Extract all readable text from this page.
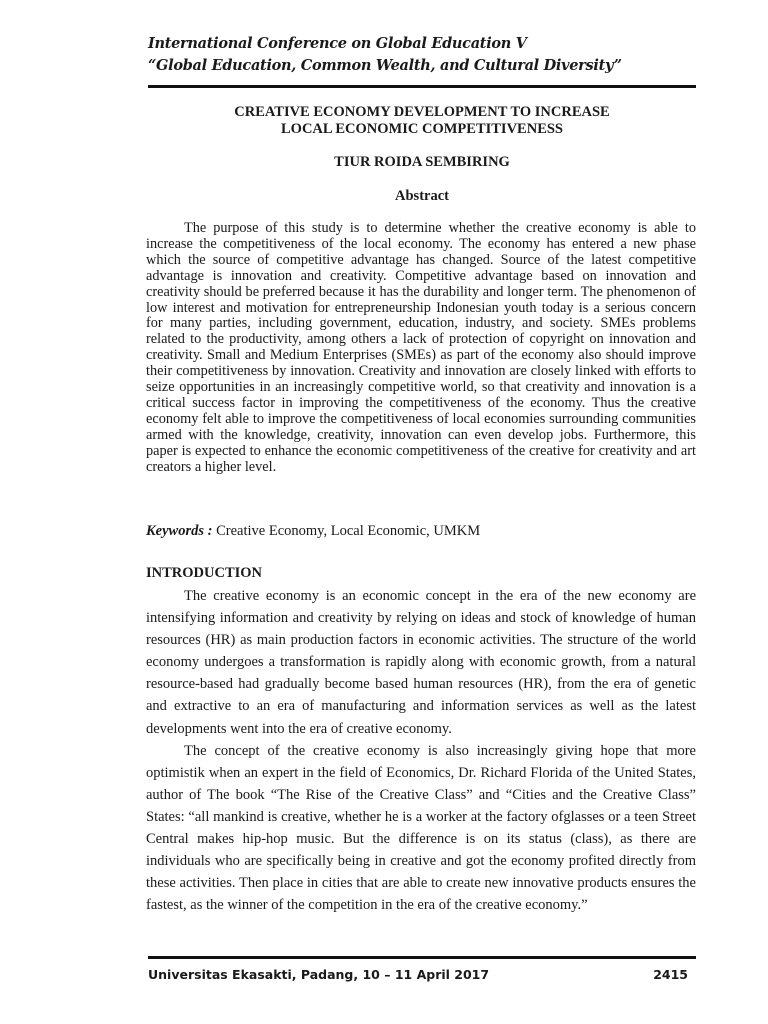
International Conference on Global Education V
“Global Education, Common Wealth, and Cultural Diversity”
CREATIVE ECONOMY DEVELOPMENT TO INCREASE
LOCAL ECONOMIC COMPETITIVENESS
TIUR ROIDA SEMBIRING
Abstract

The purpose of this study is to determine whether the creative economy is able to increase the competitiveness of the local economy. The economy has entered a new phase which the source of competitive advantage has changed. Source of the latest competitive advantage is innovation and creativity. Competitive advantage based on innovation and creativity should be preferred because it has the durability and longer term. The phenomenon of low interest and motivation for entrepreneurship Indonesian youth today is a serious concern for many parties, including government, education, industry, and society. SMEs problems related to the productivity, among others a lack of protection of copyright on innovation and creativity. Small and Medium Enterprises (SMEs) as part of the economy also should improve their competitiveness by innovation. Creativity and innovation are closely linked with efforts to seize opportunities in an increasingly competitive world, so that creativity and innovation is a critical success factor in improving the competitiveness of the economy. Thus the creative economy felt able to improve the competitiveness of local economies surrounding communities armed with the knowledge, creativity, innovation can even develop jobs. Furthermore, this paper is expected to enhance the economic competitiveness of the creative for creativity and art creators a higher level.

Keywords : Creative Economy, Local Economic, UMKM

INTRODUCTION

The creative economy is an economic concept in the era of the new economy are intensifying information and creativity by relying on ideas and stock of knowledge of human resources (HR) as main production factors in economic activities. The structure of the world economy undergoes a transformation is rapidly along with economic growth, from a natural resource-based had gradually become based human resources (HR), from the era of genetic and extractive to an era of manufacturing and information services as well as the latest developments went into the era of creative economy.

The concept of the creative economy is also increasingly giving hope that more optimistik when an expert in the field of Economics, Dr. Richard Florida of the United States, author of The book “The Rise of the Creative Class” and “Cities and the Creative Class” States: “all mankind is creative, whether he is a worker at the factory ofglasses or a teen Street Central makes hip-hop music. But the difference is on its status (class), as there are individuals who are specifically being in creative and got the economy profited directly from these activities. Then place in cities that are able to create new innovative products ensures the fastest, as the winner of the competition in the era of the creative economy.”

Universitas Ekasakti, Padang, 10 – 11 April 2017	2415
